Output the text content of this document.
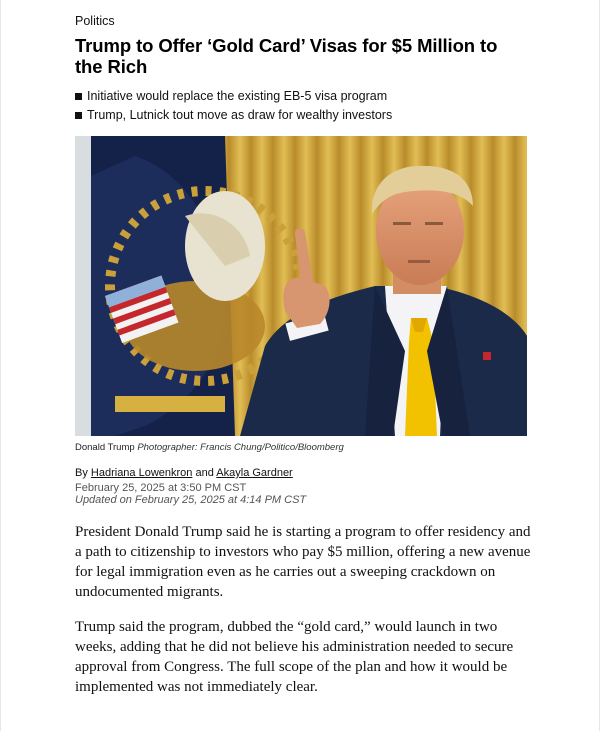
Politics
Trump to Offer ‘Gold Card’ Visas for $5 Million to the Rich
Initiative would replace the existing EB-5 visa program
Trump, Lutnick tout move as draw for wealthy investors
Donald Trump Photographer: Francis Chung/Politico/Bloomberg
By Hadriana Lowenkron and Akayla Gardner
February 25, 2025 at 3:50 PM CST
Updated on February 25, 2025 at 4:14 PM CST

President Donald Trump said he is starting a program to offer residency and a path to citizenship to investors who pay $5 million, offering a new avenue for legal immigration even as he carries out a sweeping crackdown on undocumented migrants.

Trump said the program, dubbed the “gold card,” would launch in two weeks, adding that he did not believe his administration needed to secure approval from Congress. The full scope of the plan and how it would be implemented was not immediately clear.
